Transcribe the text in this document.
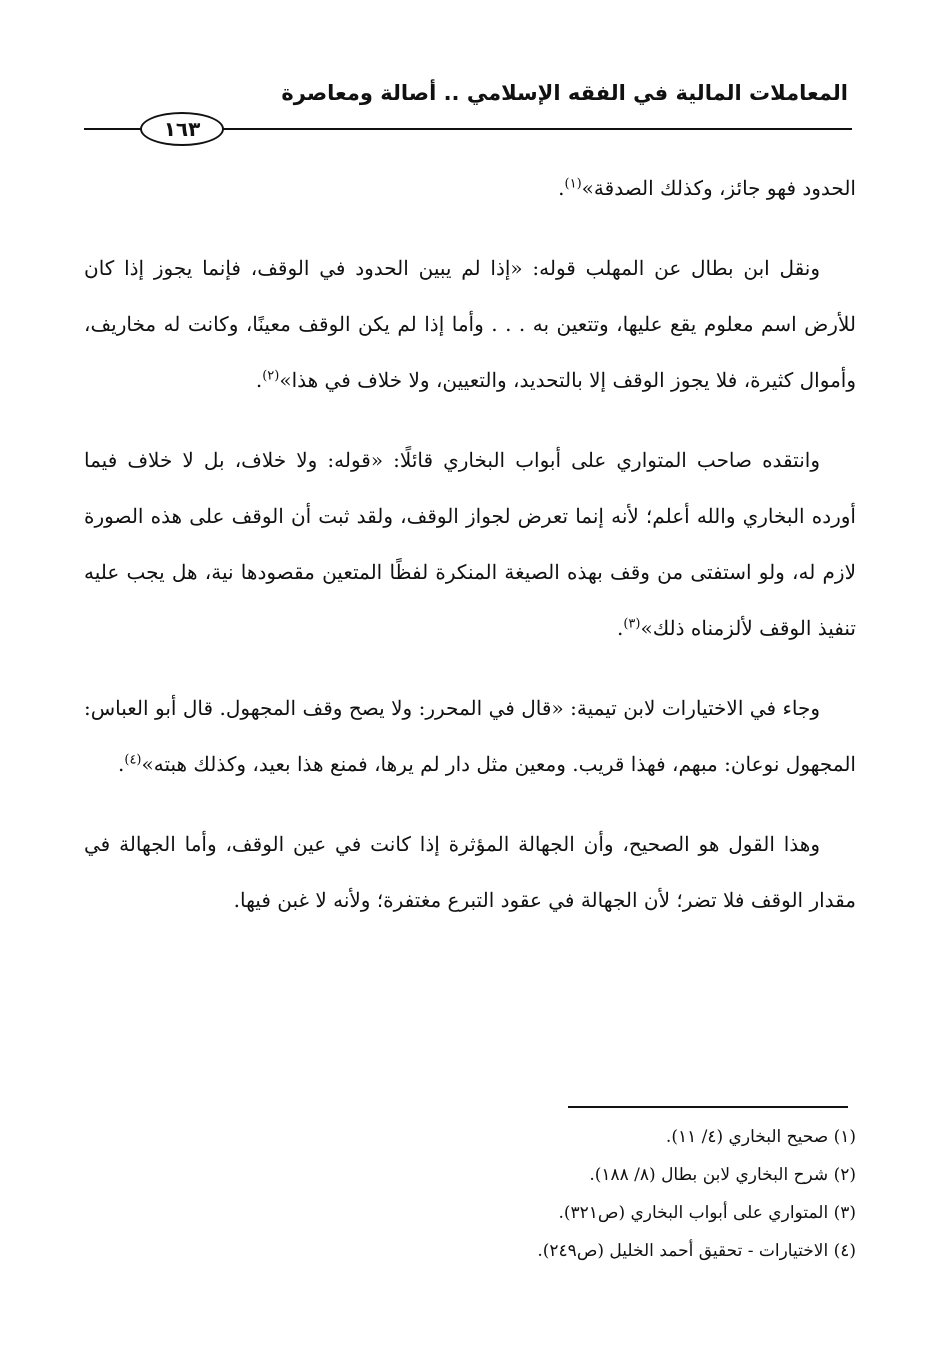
المعاملات المالية في الفقه الإسلامي .. أصالة ومعاصرة
١٦٣

الحدود فهو جائز، وكذلك الصدقة»$^{(١)}$.

ونقل ابن بطال عن المهلب قوله: «إذا لم يبين الحدود في الوقف، فإنما يجوز إذا كان للأرض اسم معلوم يقع عليها، وتتعين به . . . وأما إذا لم يكن الوقف معينًا، وكانت له مخاريف، وأموال كثيرة، فلا يجوز الوقف إلا بالتحديد، والتعيين، ولا خلاف في هذا»$^{(٢)}$.

وانتقده صاحب المتواري على أبواب البخاري قائلًا: «قوله: ولا خلاف، بل لا خلاف فيما أورده البخاري والله أعلم؛ لأنه إنما تعرض لجواز الوقف، ولقد ثبت أن الوقف على هذه الصورة لازم له، ولو استفتى من وقف بهذه الصيغة المنكرة لفظًا المتعين مقصودها نية، هل يجب عليه تنفيذ الوقف لألزمناه ذلك»$^{(٣)}$.

وجاء في الاختيارات لابن تيمية: «قال في المحرر: ولا يصح وقف المجهول. قال أبو العباس: المجهول نوعان: مبهم، فهذا قريب. ومعين مثل دار لم يرها، فمنع هذا بعيد، وكذلك هبته»$^{(٤)}$.

وهذا القول هو الصحيح، وأن الجهالة المؤثرة إذا كانت في عين الوقف، وأما الجهالة في مقدار الوقف فلا تضر؛ لأن الجهالة في عقود التبرع مغتفرة؛ ولأنه لا غبن فيها.

(١) صحيح البخاري (٤/ ١١).

(٢) شرح البخاري لابن بطال (٨/ ١٨٨).

(٣) المتواري على أبواب البخاري (ص٣٢١).

(٤) الاختيارات - تحقيق أحمد الخليل (ص٢٤٩).
